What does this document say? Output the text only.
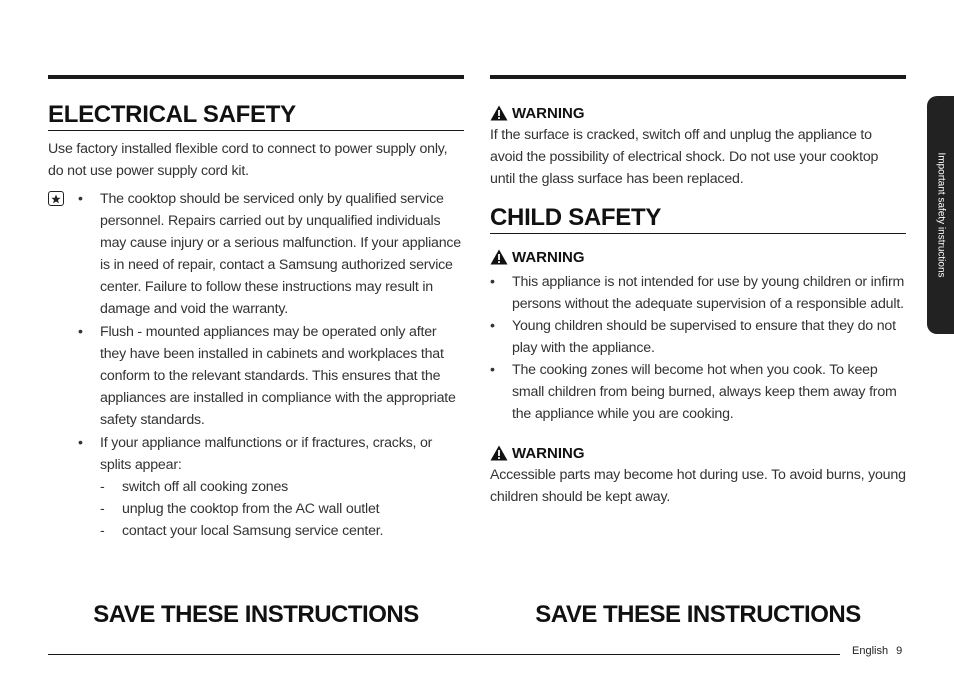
ELECTRICAL SAFETY

Use factory installed flexible cord to connect to power supply only, do not use power supply cord kit.

• The cooktop should be serviced only by qualified service personnel. Repairs carried out by unqualified individuals may cause injury or a serious malfunction. If your appliance is in need of repair, contact a Samsung authorized service center. Failure to follow these instructions may result in damage and void the warranty.
• Flush - mounted appliances may be operated only after they have been installed in cabinets and workplaces that conform to the relevant standards. This ensures that the appliances are installed in compliance with the appropriate safety standards.
• If your appliance malfunctions or if fractures, cracks, or splits appear:
- switch off all cooking zones
- unplug the cooktop from the AC wall outlet
- contact your local Samsung service center.
WARNING

If the surface is cracked, switch off and unplug the appliance to avoid the possibility of electrical shock. Do not use your cooktop until the glass surface has been replaced.

CHILD SAFETY
WARNING
• This appliance is not intended for use by young children or infirm persons without the adequate supervision of a responsible adult.
• Young children should be supervised to ensure that they do not play with the appliance.
• The cooking zones will become hot when you cook. To keep small children from being burned, always keep them away from the appliance while you are cooking.
WARNING

Accessible parts may become hot during use. To avoid burns, young children should be kept away.

SAVE THESE INSTRUCTIONS	SAVE THESE INSTRUCTIONS
English 9
Important safety instructions
